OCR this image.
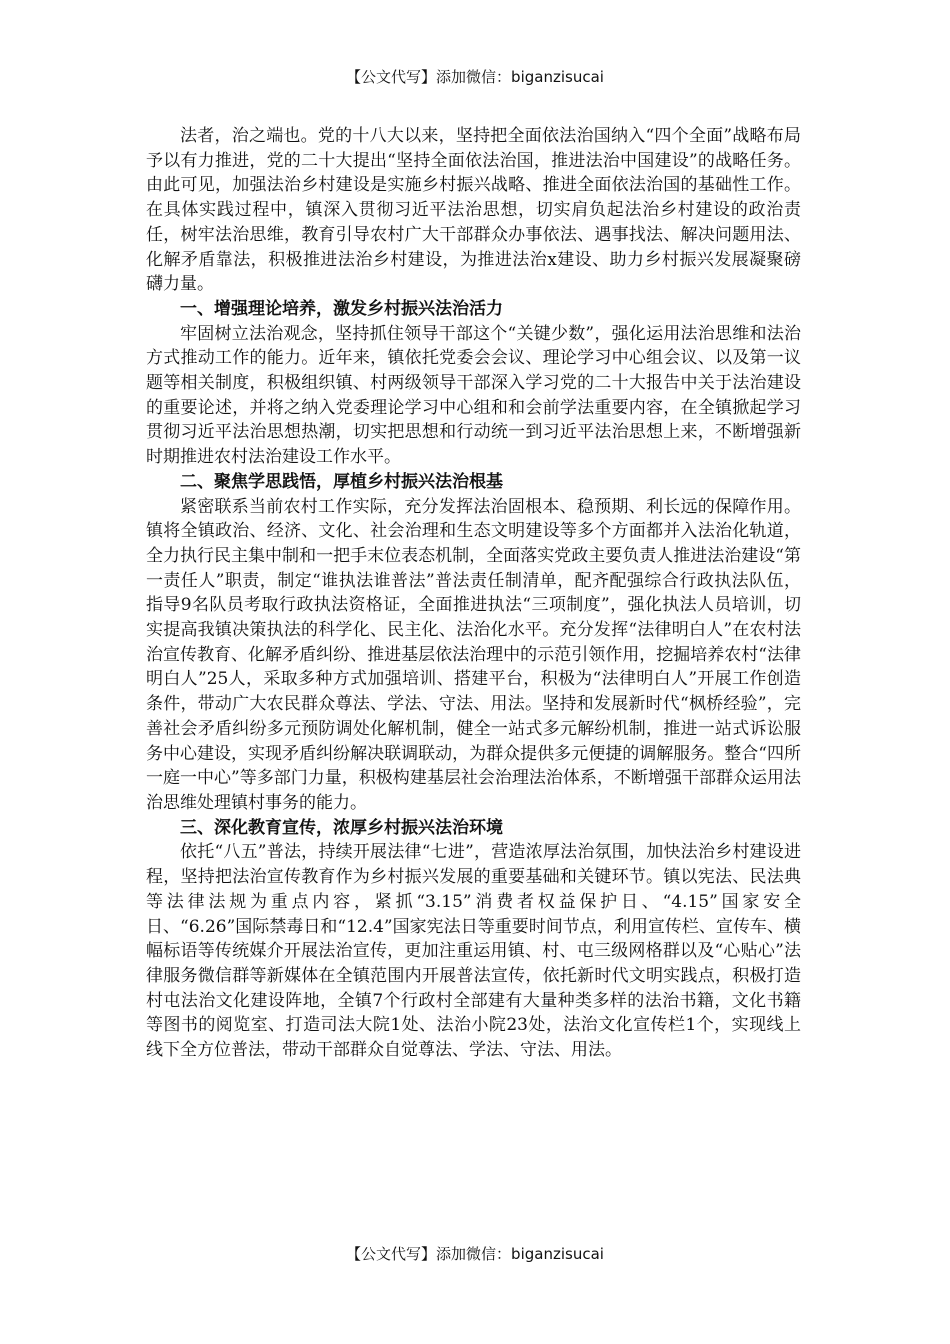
【公文代写】添加微信：biganzisucai

法者，治之端也。党的十八大以来，坚持把全面依法治国纳入“四个全面”战略布局予以有力推进，党的二十大提出“坚持全面依法治国，推进法治中国建设”的战略任务。由此可见，加强法治乡村建设是实施乡村振兴战略、推进全面依法治国的基础性工作。在具体实践过程中，镇深入贯彻习近平法治思想，切实肩负起法治乡村建设的政治责任，树牢法治思维，教育引导农村广大干部群众办事依法、遇事找法、解决问题用法、化解矛盾靠法，积极推进法治乡村建设，为推进法治x建设、助力乡村振兴发展凝聚磅礴力量。

一、增强理论培养，激发乡村振兴法治活力

牢固树立法治观念，坚持抓住领导干部这个“关键少数”，强化运用法治思维和法治方式推动工作的能力。近年来，镇依托党委会会议、理论学习中心组会议、以及第一议题等相关制度，积极组织镇、村两级领导干部深入学习党的二十大报告中关于法治建设的重要论述，并将之纳入党委理论学习中心组和和会前学法重要内容，在全镇掀起学习贯彻习近平法治思想热潮，切实把思想和行动统一到习近平法治思想上来，不断增强新时期推进农村法治建设工作水平。

二、聚焦学思践悟，厚植乡村振兴法治根基

紧密联系当前农村工作实际，充分发挥法治固根本、稳预期、利长远的保障作用。镇将全镇政治、经济、文化、社会治理和生态文明建设等多个方面都并入法治化轨道，全力执行民主集中制和一把手末位表态机制，全面落实党政主要负责人推进法治建设“第一责任人”职责，制定“谁执法谁普法”普法责任制清单，配齐配强综合行政执法队伍，指导9名队员考取行政执法资格证，全面推进执法“三项制度”，强化执法人员培训，切实提高我镇决策执法的科学化、民主化、法治化水平。充分发挥“法律明白人”在农村法治宣传教育、化解矛盾纠纷、推进基层依法治理中的示范引领作用，挖掘培养农村“法律明白人”25人，采取多种方式加强培训、搭建平台，积极为“法律明白人”开展工作创造条件，带动广大农民群众尊法、学法、守法、用法。坚持和发展新时代“枫桥经验”，完善社会矛盾纠纷多元预防调处化解机制，健全一站式多元解纷机制，推进一站式诉讼服务中心建设，实现矛盾纠纷解决联调联动，为群众提供多元便捷的调解服务。整合“四所一庭一中心”等多部门力量，积极构建基层社会治理法治体系，不断增强干部群众运用法治思维处理镇村事务的能力。

三、深化教育宣传，浓厚乡村振兴法治环境

依托“八五”普法，持续开展法律“七进”，营造浓厚法治氛围，加快法治乡村建设进程，坚持把法治宣传教育作为乡村振兴发展的重要基础和关键环节。镇以宪法、民法典等法律法规为重点内容，紧抓“3.15”消费者权益保护日、“4.15”国家安全日、“6.26”国际禁毒日和“12.4”国家宪法日等重要时间节点，利用宣传栏、宣传车、横幅标语等传统媒介开展法治宣传，更加注重运用镇、村、屯三级网格群以及“心贴心”法律服务微信群等新媒体在全镇范围内开展普法宣传，依托新时代文明实践点，积极打造村屯法治文化建设阵地，全镇7个行政村全部建有大量种类多样的法治书籍，文化书籍等图书的阅览室、打造司法大院1处、法治小院23处，法治文化宣传栏1个，实现线上线下全方位普法，带动干部群众自觉尊法、学法、守法、用法。

【公文代写】添加微信：biganzisucai
